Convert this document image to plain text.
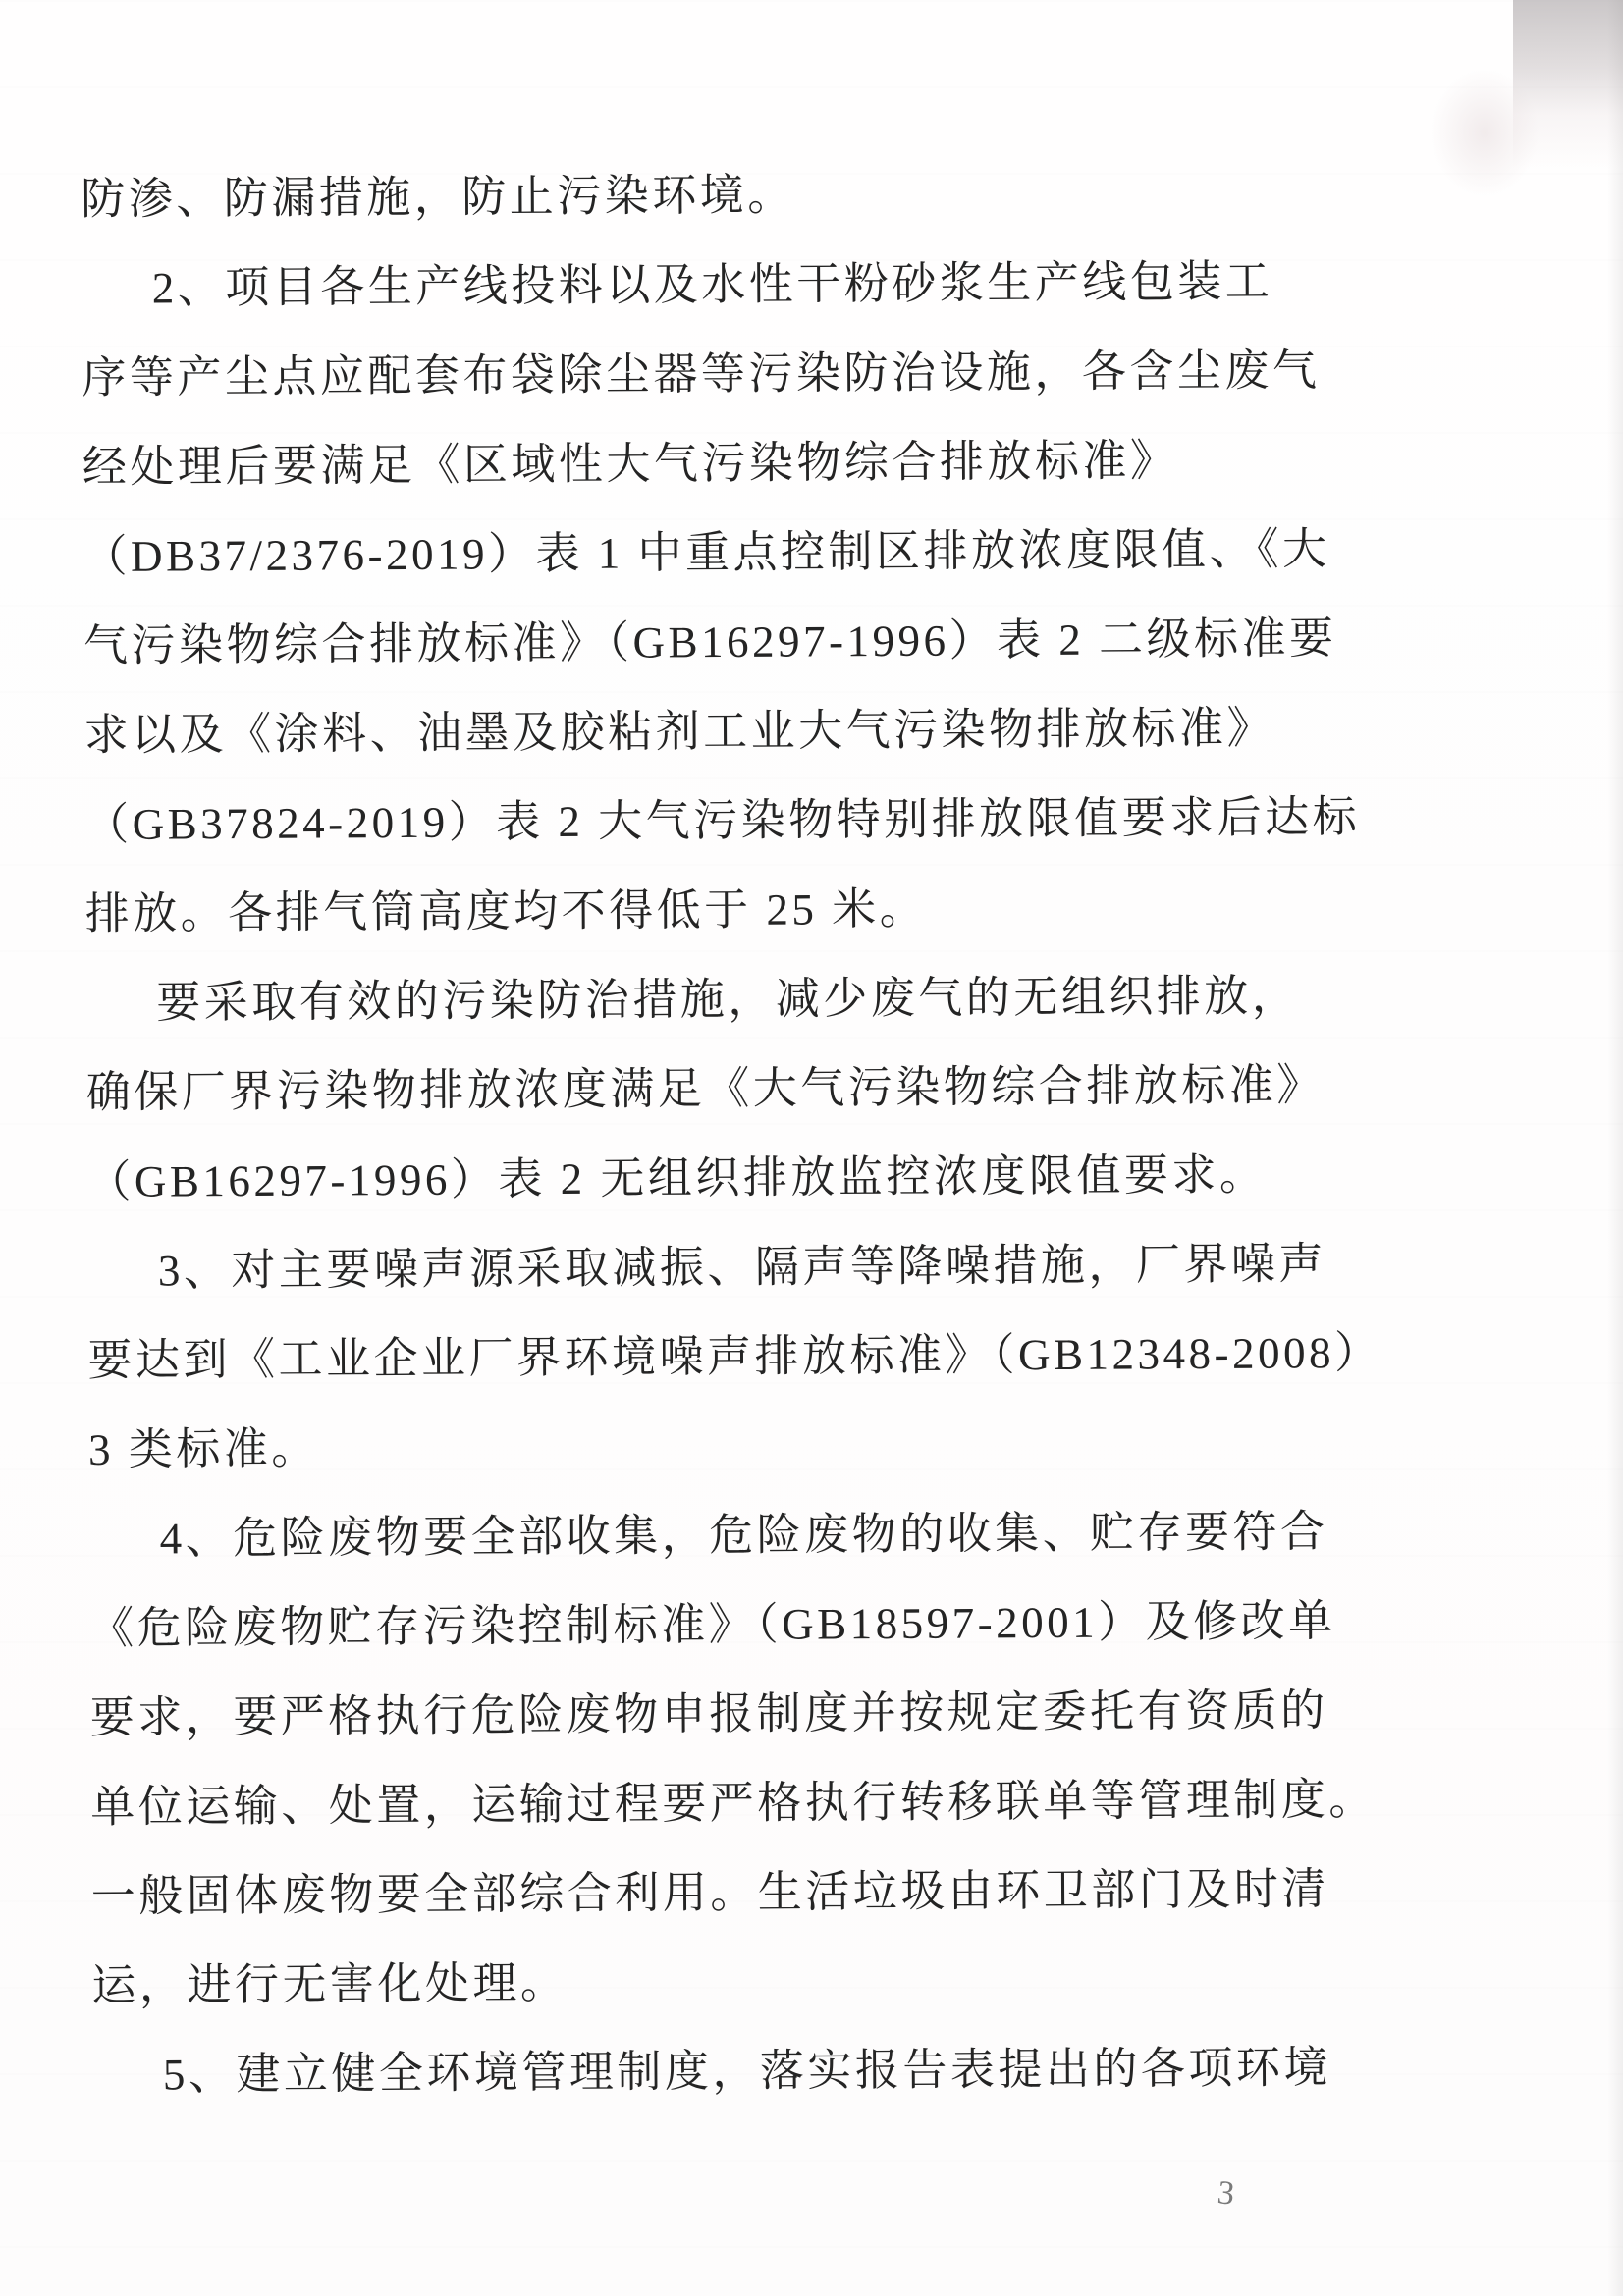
防渗、防漏措施，防止污染环境。
2、项目各生产线投料以及水性干粉砂浆生产线包装工
序等产尘点应配套布袋除尘器等污染防治设施，各含尘废气
经处理后要满足《区域性大气污染物综合排放标准》
（DB37/2376-2019）表 1 中重点控制区排放浓度限值、《大
气污染物综合排放标准》（GB16297-1996）表 2 二级标准要
求以及《涂料、油墨及胶粘剂工业大气污染物排放标准》
（GB37824-2019）表 2 大气污染物特别排放限值要求后达标
排放。各排气筒高度均不得低于 25 米。
要采取有效的污染防治措施，减少废气的无组织排放，
确保厂界污染物排放浓度满足《大气污染物综合排放标准》
（GB16297-1996）表 2 无组织排放监控浓度限值要求。
3、对主要噪声源采取减振、隔声等降噪措施，厂界噪声
要达到《工业企业厂界环境噪声排放标准》（GB12348-2008）
3 类标准。
4、危险废物要全部收集，危险废物的收集、贮存要符合
《危险废物贮存污染控制标准》（GB18597-2001）及修改单
要求，要严格执行危险废物申报制度并按规定委托有资质的
单位运输、处置，运输过程要严格执行转移联单等管理制度。
一般固体废物要全部综合利用。生活垃圾由环卫部门及时清
运，进行无害化处理。
5、建立健全环境管理制度，落实报告表提出的各项环境
3
